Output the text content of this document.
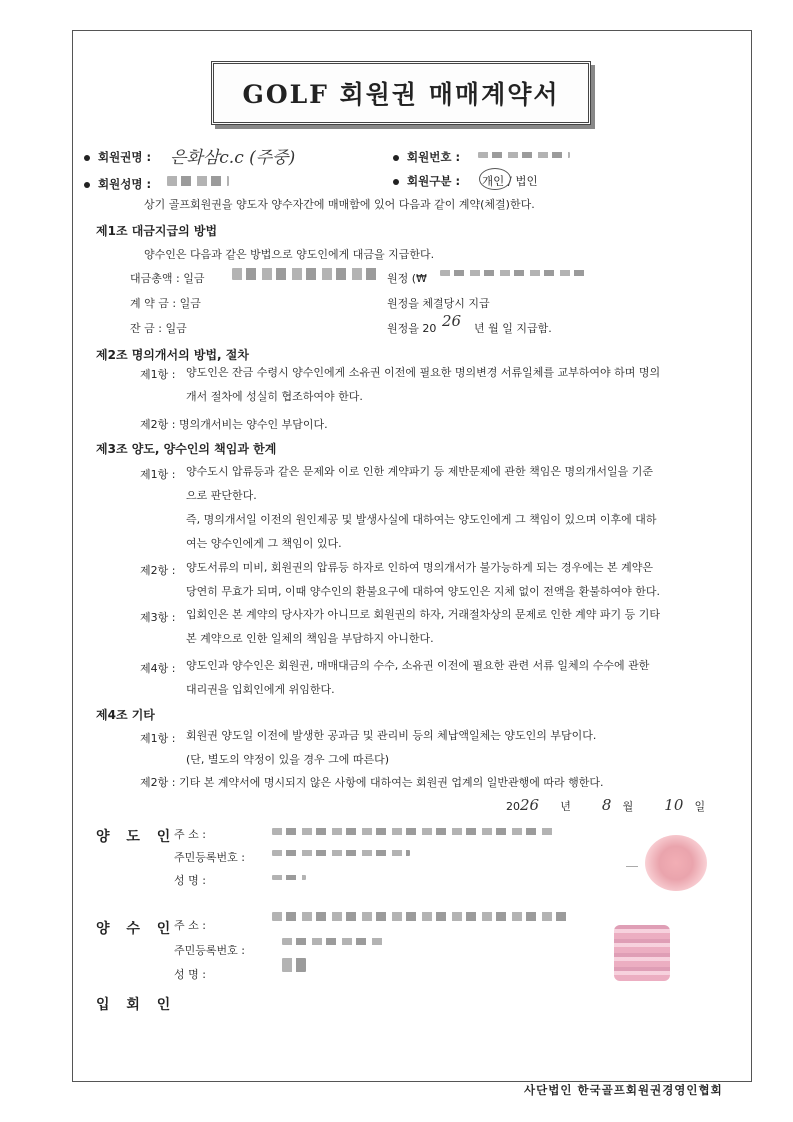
GOLF 회원권 매매계약서
회원권명 : 은화삼c.c (주중)	회원번호 :
회원성명 :	회원구분 : 개인 / 법인
상기 골프회원권을 양도자 양수자간에 매매함에 있어 다음과 같이 계약(체결)한다.
제1조 대금지급의 방법
양수인은 다음과 같은 방법으로 양도인에게 대금을 지급한다.
대금총액 : 일금	원정 (₩
계 약 금 : 일금	원정을 체결당시 지급
잔 금 : 일금	원정을 20 26 년 월 일 지급함.
제2조 명의개서의 방법, 절차
제1항 : 양도인은 잔금 수령시 양수인에게 소유권 이전에 필요한 명의변경 서류일체를 교부하여야 하며 명의
개서 절차에 성실히 협조하여야 한다.
제2항 : 명의개서비는 양수인 부담이다.
제3조 양도, 양수인의 책임과 한계
제1항 : 양수도시 압류등과 같은 문제와 이로 인한 계약파기 등 제반문제에 관한 책임은 명의개서일을 기준
으로 판단한다.
즉, 명의개서일 이전의 원인제공 및 발생사실에 대하여는 양도인에게 그 책임이 있으며 이후에 대하
여는 양수인에게 그 책임이 있다.
제2항 : 양도서류의 미비, 회원권의 압류등 하자로 인하여 명의개서가 불가능하게 되는 경우에는 본 계약은
당연히 무효가 되며, 이때 양수인의 환불요구에 대하여 양도인은 지체 없이 전액을 환불하여야 한다.
제3항 : 입회인은 본 계약의 당사자가 아니므로 회원권의 하자, 거래절차상의 문제로 인한 계약 파기 등 기타
본 계약으로 인한 일체의 책임을 부담하지 아니한다.
제4항 : 양도인과 양수인은 회원권, 매매대금의 수수, 소유권 이전에 필요한 관련 서류 일체의 수수에 관한
대리권을 입회인에게 위임한다.
제4조 기타
제1항 : 회원권 양도일 이전에 발생한 공과금 및 관리비 등의 체납액일체는 양도인의 부담이다.
(단, 별도의 약정이 있을 경우 그에 따른다)
제2항 : 기타 본 계약서에 명시되지 않은 사항에 대하여는 회원권 업계의 일반관행에 따라 행한다.
2026 년 8 월 10 일
양 도 인
주 소 :
주민등록번호 :
성 명 :
양 수 인
주 소 :
주민등록번호 :
성 명 :
입 회 인
사단법인 한국골프회원권경영인협회
